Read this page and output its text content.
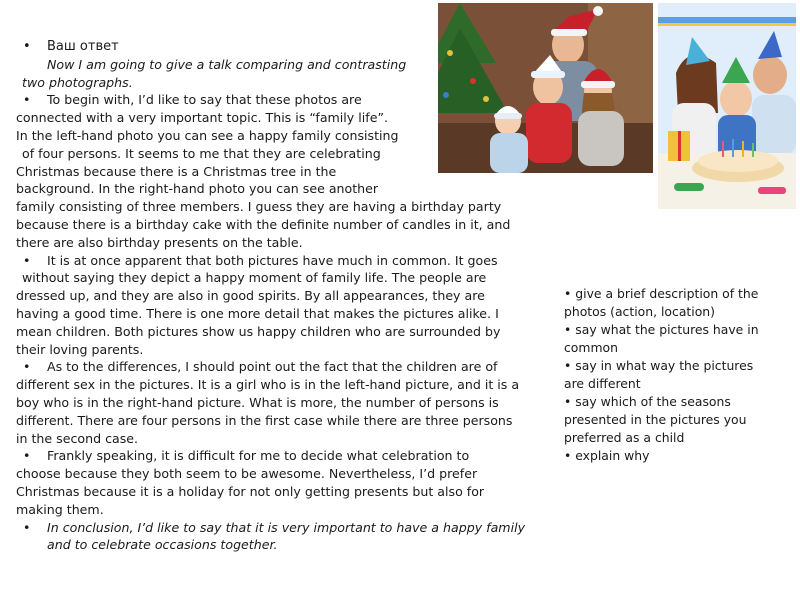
• Ваш ответ
Now I am going to give a talk comparing and contrasting
two photographs.
• To begin with, I’d like to say that these photos are
connected with a very important topic. This is “family life”.
In the left-hand photo you can see a happy family consisting
of four persons. It seems to me that they are celebrating
Christmas because there is a Christmas tree in the
background. In the right-hand photo you can see another
family consisting of three members. I guess they are having a birthday party
because there is a birthday cake with the definite number of candles in it, and
there are also birthday presents on the table.
• It is at once apparent that both pictures have much in common. It goes
without saying they depict a happy moment of family life. The people are
dressed up, and they are also in good spirits. By all appearances, they are
having a good time. There is one more detail that makes the pictures alike. I
mean children. Both pictures show us happy children who are surrounded by
their loving parents.
• As to the differences, I should point out the fact that the children are of
different sex in the pictures. It is a girl who is in the left-hand picture, and it is a
boy who is in the right-hand picture. What is more, the number of persons is
different. There are four persons in the first case while there are three persons
in the second case.
• Frankly speaking, it is difficult for me to decide what celebration to
choose because they both seem to be awesome. Nevertheless, I’d prefer
Christmas because it is a holiday for not only getting presents but also for
making them.
• In conclusion, I’d like to say that it is very important to have a happy family
and to celebrate occasions together.
• give a brief description of the
photos (action, location)
• say what the pictures have in
common
• say in what way the pictures
are different
• say which of the seasons
presented in the pictures you
preferred as a child
• explain why
